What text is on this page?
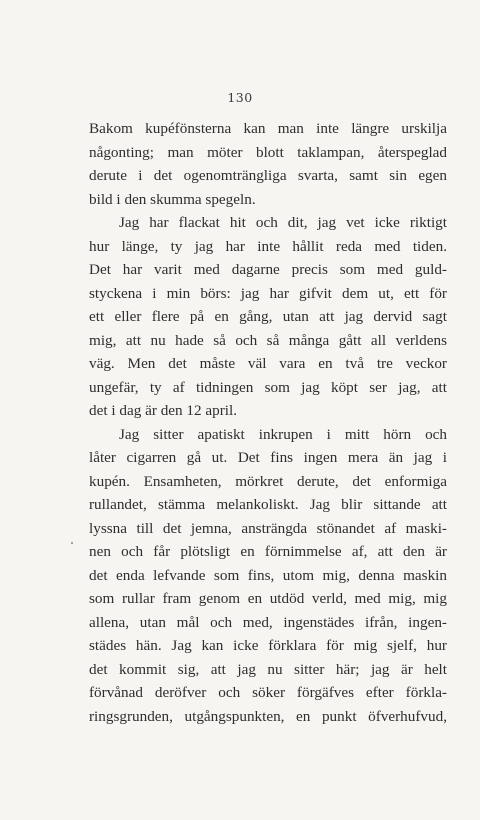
130
Bakom kupéfönsterna kan man inte längre urskilja
någonting; man möter blott taklampan, återspeglad
derute i det ogenomträngliga svarta, samt sin egen
bild i den skumma spegeln.
Jag har flackat hit och dit, jag vet icke riktigt
hur länge, ty jag har inte hållit reda med tiden.
Det har varit med dagarne precis som med guld-
styckena i min börs: jag har gifvit dem ut, ett för
ett eller flere på en gång, utan att jag dervid sagt
mig, att nu hade så och så många gått all verldens
väg. Men det måste väl vara en två tre veckor
ungefär, ty af tidningen som jag köpt ser jag, att
det i dag är den 12 april.
Jag sitter apatiskt inkrupen i mitt hörn och
låter cigarren gå ut. Det fins ingen mera än jag i
kupén. Ensamheten, mörkret derute, det enformiga
rullandet, stämma melankoliskt. Jag blir sittande att
lyssna till det jemna, ansträngda stönandet af maski-
nen och får plötsligt en förnimmelse af, att den är
det enda lefvande som fins, utom mig, denna maskin
som rullar fram genom en utdöd verld, med mig, mig
allena, utan mål och med, ingenstädes ifrån, ingen-
städes hän. Jag kan icke förklara för mig sjelf, hur
det kommit sig, att jag nu sitter här; jag är helt
förvånad deröfver och söker förgäfves efter förkla-
ringsgrunden, utgångspunkten, en punkt öfverhufvud,
